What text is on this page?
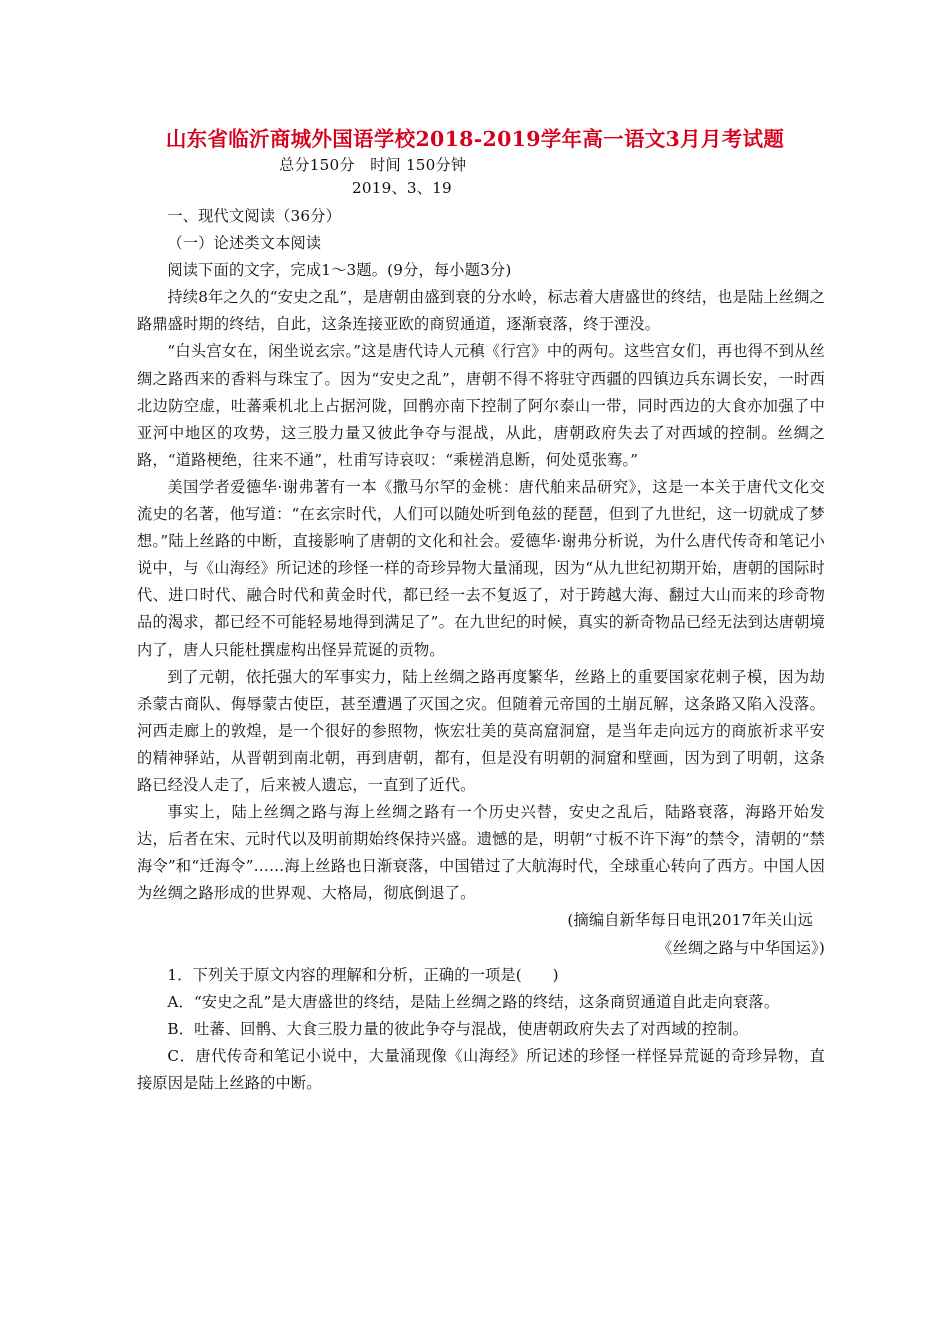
山东省临沂商城外国语学校2018-2019学年高一语文3月月考试题
总分150分　时间 150分钟
2019、3、19

一、现代文阅读（36分）

（一）论述类文本阅读

阅读下面的文字，完成1～3题。(9分，每小题3分)

持续8年之久的“安史之乱”，是唐朝由盛到衰的分水岭，标志着大唐盛世的终结，也是陆上丝绸之路鼎盛时期的终结，自此，这条连接亚欧的商贸通道，逐渐衰落，终于湮没。

“白头宫女在，闲坐说玄宗。”这是唐代诗人元稹《行宫》中的两句。这些宫女们，再也得不到从丝绸之路西来的香料与珠宝了。因为“安史之乱”，唐朝不得不将驻守西疆的四镇边兵东调长安，一时西北边防空虚，吐蕃乘机北上占据河陇，回鹘亦南下控制了阿尔泰山一带，同时西边的大食亦加强了中亚河中地区的攻势，这三股力量又彼此争夺与混战，从此，唐朝政府失去了对西域的控制。丝绸之路，“道路梗绝，往来不通”，杜甫写诗哀叹：“乘槎消息断，何处觅张骞。”

美国学者爱德华·谢弗著有一本《撒马尔罕的金桃：唐代舶来品研究》，这是一本关于唐代文化交流史的名著，他写道：“在玄宗时代，人们可以随处听到龟兹的琵琶，但到了九世纪，这一切就成了梦想。”陆上丝路的中断，直接影响了唐朝的文化和社会。爱德华·谢弗分析说，为什么唐代传奇和笔记小说中，与《山海经》所记述的珍怪一样的奇珍异物大量涌现，因为“从九世纪初期开始，唐朝的国际时代、进口时代、融合时代和黄金时代，都已经一去不复返了，对于跨越大海、翻过大山而来的珍奇物品的渴求，都已经不可能轻易地得到满足了”。在九世纪的时候，真实的新奇物品已经无法到达唐朝境内了，唐人只能杜撰虚构出怪异荒诞的贡物。

到了元朝，依托强大的军事实力，陆上丝绸之路再度繁华，丝路上的重要国家花剌子模，因为劫杀蒙古商队、侮辱蒙古使臣，甚至遭遇了灭国之灾。但随着元帝国的土崩瓦解，这条路又陷入没落。河西走廊上的敦煌，是一个很好的参照物，恢宏壮美的莫高窟洞窟，是当年走向远方的商旅祈求平安的精神驿站，从晋朝到南北朝，再到唐朝，都有，但是没有明朝的洞窟和壁画，因为到了明朝，这条路已经没人走了，后来被人遗忘，一直到了近代。

事实上，陆上丝绸之路与海上丝绸之路有一个历史兴替，安史之乱后，陆路衰落，海路开始发达，后者在宋、元时代以及明前期始终保持兴盛。遗憾的是，明朝“寸板不许下海”的禁令，清朝的“禁海令”和“迁海令”……海上丝路也日渐衰落，中国错过了大航海时代，全球重心转向了西方。中国人因为丝绸之路形成的世界观、大格局，彻底倒退了。

(摘编自新华每日电讯2017年关山远

《丝绸之路与中华国运》)

1．下列关于原文内容的理解和分析，正确的一项是(　　)

A．“安史之乱”是大唐盛世的终结，是陆上丝绸之路的终结，这条商贸通道自此走向衰落。

B．吐蕃、回鹘、大食三股力量的彼此争夺与混战，使唐朝政府失去了对西域的控制。

C．唐代传奇和笔记小说中，大量涌现像《山海经》所记述的珍怪一样怪异荒诞的奇珍异物，直接原因是陆上丝路的中断。
